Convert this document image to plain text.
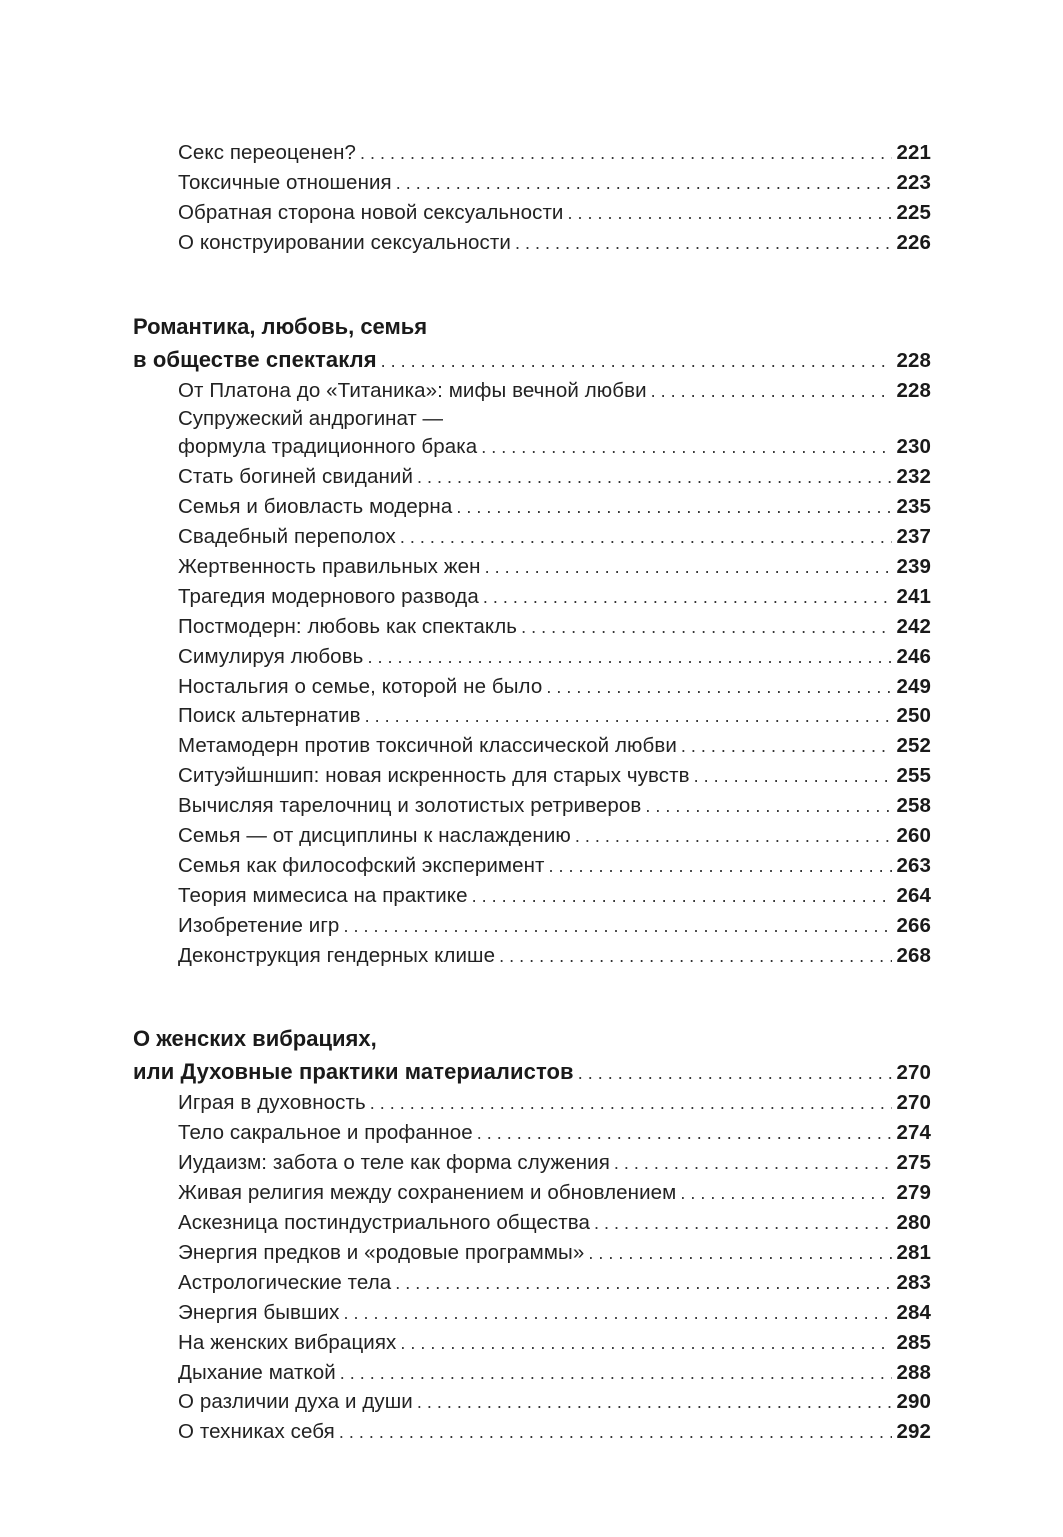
Секс переоценен? . . .	221
Токсичные отношения . . .	223
Обратная сторона новой сексуальности . . .	225
О конструировании сексуальности . . .	226
Романтика, любовь, семья
в обществе спектакля . . .	228
От Платона до «Титаника»: мифы вечной любви . . .	228
Супружеский андрогинат —
формула традиционного брака . . .	230
Стать богиней свиданий . . .	232
Семья и биовласть модерна . . .	235
Свадебный переполох . . .	237
Жертвенность правильных жен . . .	239
Трагедия модернового развода . . .	241
Постмодерн: любовь как спектакль . . .	242
Симулируя любовь . . .	246
Ностальгия о семье, которой не было . . .	249
Поиск альтернатив . . .	250
Метамодерн против токсичной классической любви . . .	252
Ситуэйшншип: новая искренность для старых чувств . . .	255
Вычисляя тарелочниц и золотистых ретриверов . . .	258
Семья — от дисциплины к наслаждению . . .	260
Семья как философский эксперимент . . .	263
Теория мимесиса на практике . . .	264
Изобретение игр . . .	266
Деконструкция гендерных клише . . .	268
О женских вибрациях,
или Духовные практики материалистов . . .	270
Играя в духовность . . .	270
Тело сакральное и профанное . . .	274
Иудаизм: забота о теле как форма служения . . .	275
Живая религия между сохранением и обновлением . . .	279
Аскезница постиндустриального общества . . .	280
Энергия предков и «родовые программы» . . .	281
Астрологические тела . . .	283
Энергия бывших . . .	284
На женских вибрациях . . .	285
Дыхание маткой . . .	288
О различии духа и души . . .	290
О техниках себя . . .	292
